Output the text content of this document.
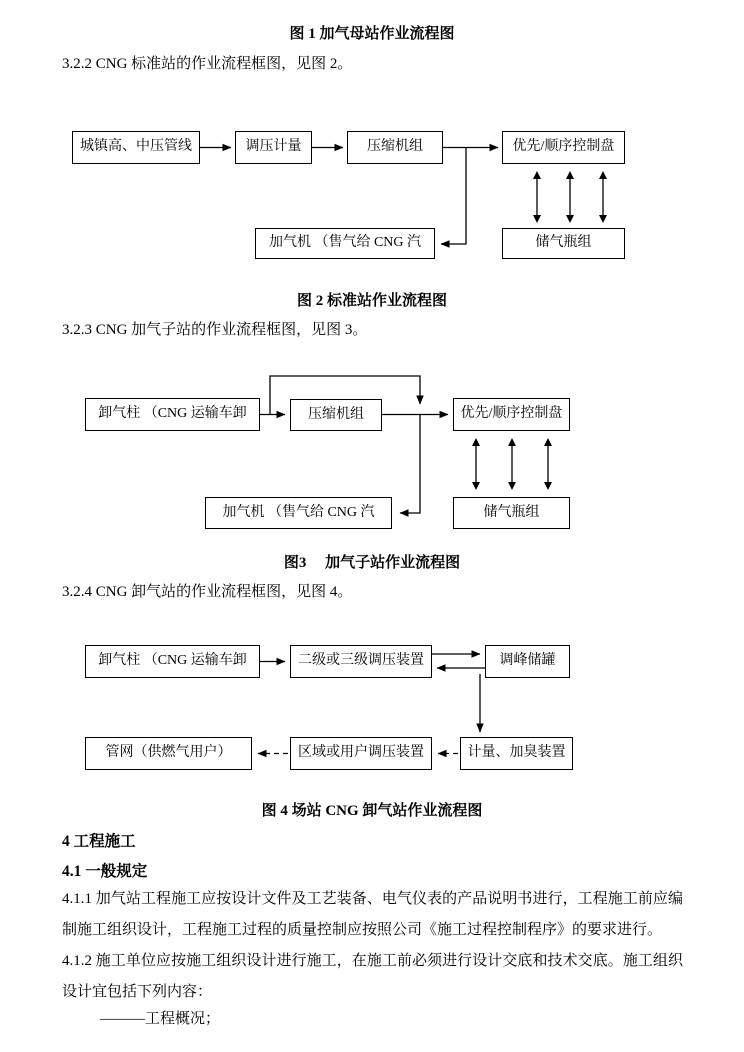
图 1 加气母站作业流程图
3.2.2 CNG 标准站的作业流程框图，见图 2。
城镇高、中压管线	调压计量	压缩机组	优先/顺序控制盘
加气机 （售气给 CNG 汽	储气瓶组
图 2 标准站作业流程图
3.2.3 CNG 加气子站的作业流程框图，见图 3。
卸气柱 （CNG 运输车卸	压缩机组	优先/顺序控制盘
加气机 （售气给 CNG 汽	储气瓶组
图3　 加气子站作业流程图
3.2.4 CNG 卸气站的作业流程框图，见图 4。
卸气柱 （CNG 运输车卸	二级或三级调压装置	调峰储罐
管网（供燃气用户）	区域或用户调压装置	计量、加臭装置
图 4 场站 CNG 卸气站作业流程图
4 工程施工
4.1 一般规定
4.1.1 加气站工程施工应按设计文件及工艺装备、电气仪表的产品说明书进行，工程施工前应编制施工组织设计，工程施工过程的质量控制应按照公司《施工过程控制程序》的要求进行。
4.1.2 施工单位应按施工组织设计进行施工，在施工前必须进行设计交底和技术交底。施工组织设计宜包括下列内容：
———工程概况；
